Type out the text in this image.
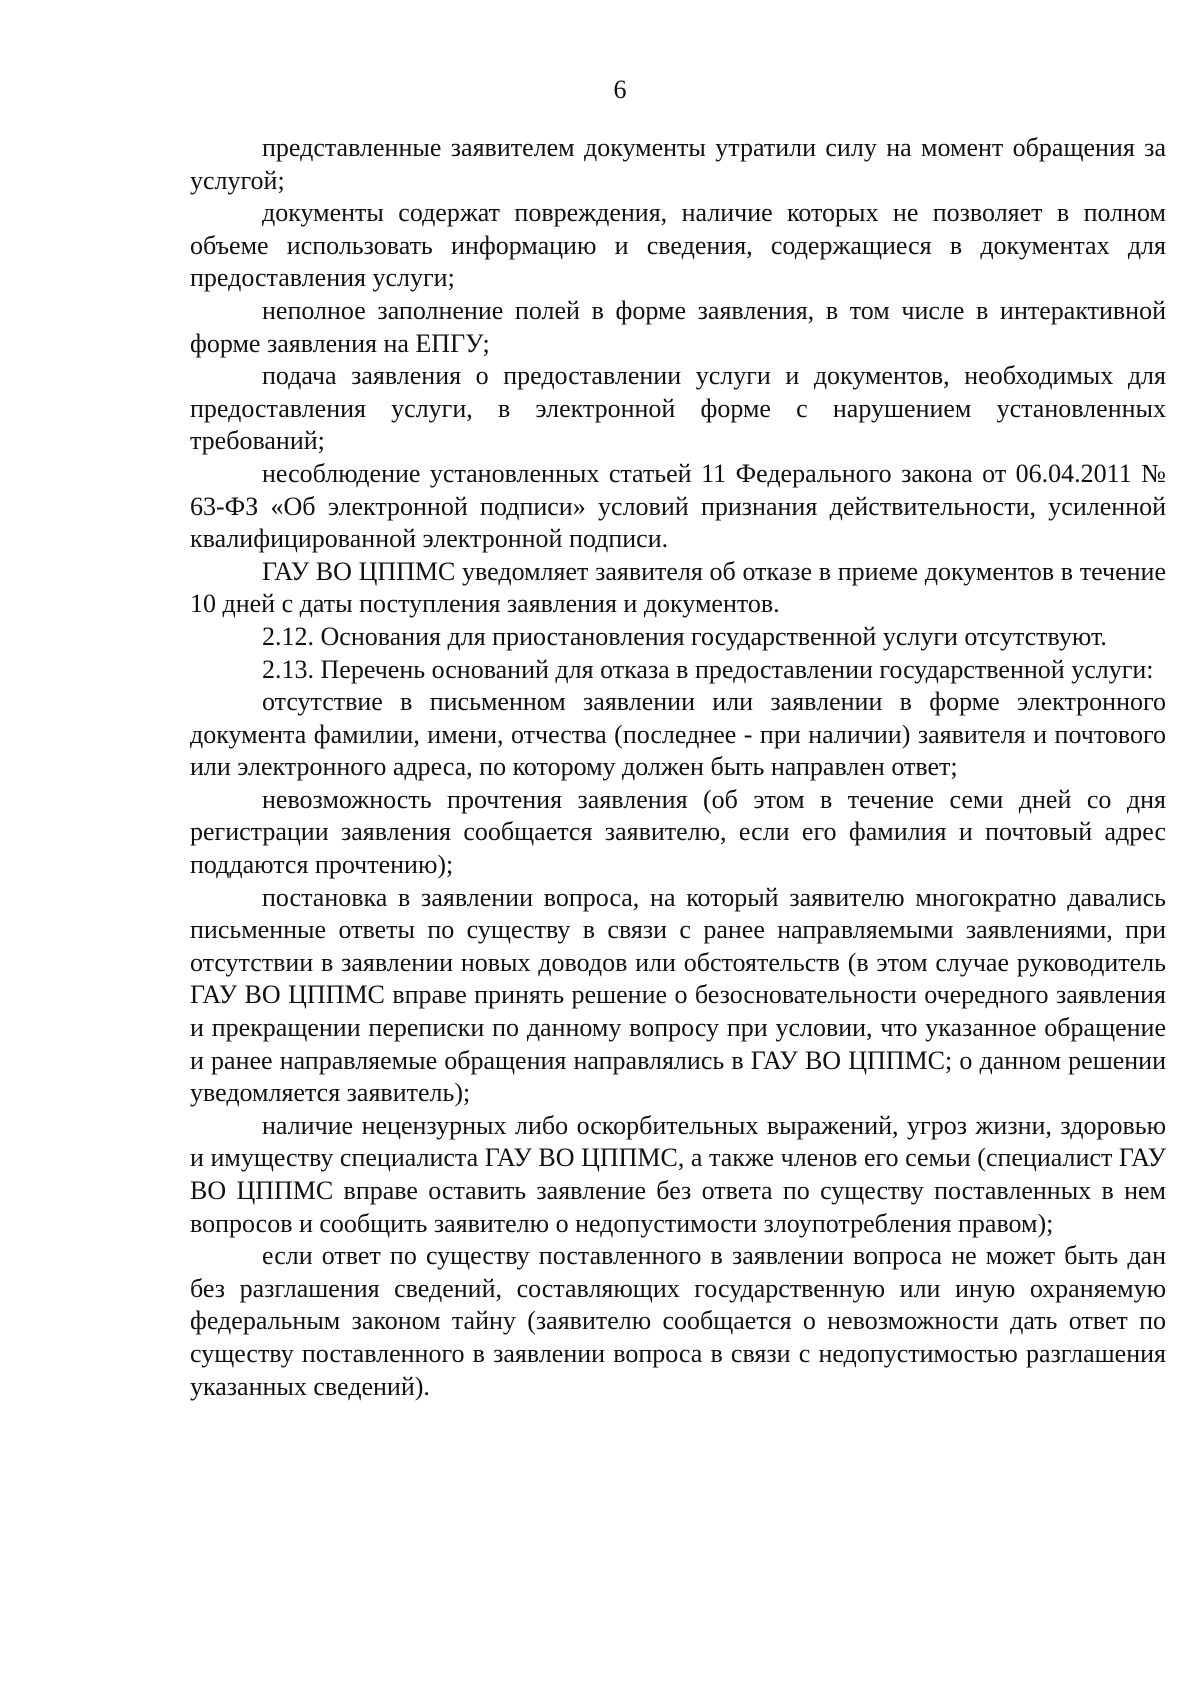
6

представленные заявителем документы утратили силу на момент обращения за услугой;

документы содержат повреждения, наличие которых не позволяет в полном объеме использовать информацию и сведения, содержащиеся в документах для предоставления услуги;

неполное заполнение полей в форме заявления, в том числе в интерактивной форме заявления на ЕПГУ;

подача заявления о предоставлении услуги и документов, необходимых для предоставления услуги, в электронной форме с нарушением установленных требований;

несоблюдение установленных статьей 11 Федерального закона от 06.04.2011 № 63-ФЗ «Об электронной подписи» условий признания действительности, усиленной квалифицированной электронной подписи.

ГАУ ВО ЦППМС уведомляет заявителя об отказе в приеме документов в течение 10 дней с даты поступления заявления и документов.

2.12. Основания для приостановления государственной услуги отсутствуют.

2.13. Перечень оснований для отказа в предоставлении государственной услуги:

отсутствие в письменном заявлении или заявлении в форме электронного документа фамилии, имени, отчества (последнее - при наличии) заявителя и почтового или электронного адреса, по которому должен быть направлен ответ;

невозможность прочтения заявления (об этом в течение семи дней со дня регистрации заявления сообщается заявителю, если его фамилия и почтовый адрес поддаются прочтению);

постановка в заявлении вопроса, на который заявителю многократно давались письменные ответы по существу в связи с ранее направляемыми заявлениями, при отсутствии в заявлении новых доводов или обстоятельств (в этом случае руководитель ГАУ ВО ЦППМС вправе принять решение о безосновательности очередного заявления и прекращении переписки по данному вопросу при условии, что указанное обращение и ранее направляемые обращения направлялись в ГАУ ВО ЦППМС; о данном решении уведомляется заявитель);

наличие нецензурных либо оскорбительных выражений, угроз жизни, здоровью и имуществу специалиста ГАУ ВО ЦППМС, а также членов его семьи (специалист ГАУ ВО ЦППМС вправе оставить заявление без ответа по существу поставленных в нем вопросов и сообщить заявителю о недопустимости злоупотребления правом);

если ответ по существу поставленного в заявлении вопроса не может быть дан без разглашения сведений, составляющих государственную или иную охраняемую федеральным законом тайну (заявителю сообщается о невозможности дать ответ по существу поставленного в заявлении вопроса в связи с недопустимостью разглашения указанных сведений).
